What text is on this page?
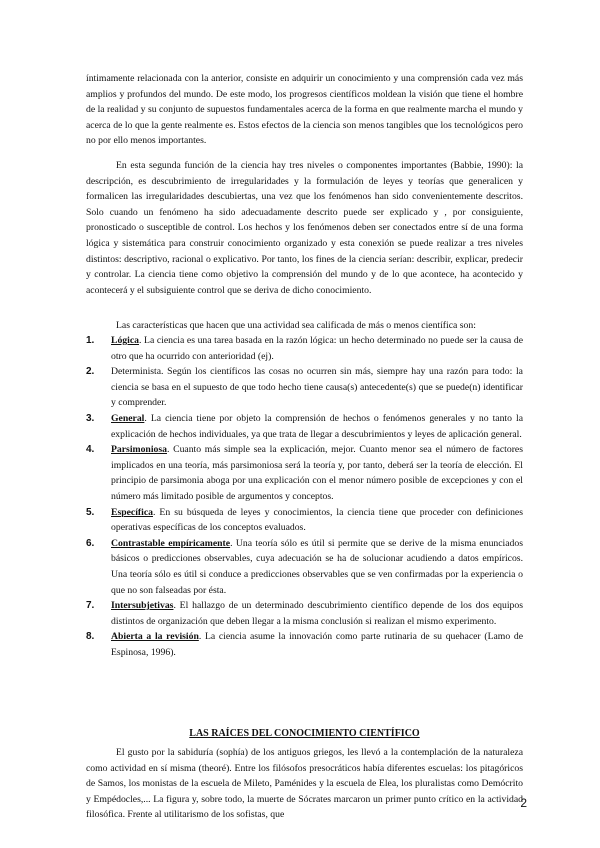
íntimamente relacionada con la anterior, consiste en adquirir un conocimiento y una comprensión cada vez más amplios y profundos del mundo. De este modo, los progresos científicos moldean la visión que tiene el hombre de la realidad y su conjunto de supuestos fundamentales acerca de la forma en que realmente marcha el mundo y acerca de lo que la gente realmente es. Estos efectos de la ciencia son menos tangibles que los tecnológicos pero no por ello menos importantes.

En esta segunda función de la ciencia hay tres niveles o componentes importantes (Babbie, 1990): la descripción, es descubrimiento de irregularidades y la formulación de leyes y teorías que generalicen y formalicen las irregularidades descubiertas, una vez que los fenómenos han sido convenientemente descritos. Solo cuando un fenómeno ha sido adecuadamente descrito puede ser explicado y , por consiguiente, pronosticado o susceptible de control. Los hechos y los fenómenos deben ser conectados entre sí de una forma lógica y sistemática para construir conocimiento organizado y esta conexión se puede realizar a tres niveles distintos: descriptivo, racional o explicativo. Por tanto, los fines de la ciencia serían: describir, explicar, predecir y controlar. La ciencia tiene como objetivo la comprensión del mundo y de lo que acontece, ha acontecido y acontecerá y el subsiguiente control que se deriva de dicho conocimiento.

Las características que hacen que una actividad sea calificada de más o menos científica son:

1.	Lógica. La ciencia es una tarea basada en la razón lógica: un hecho determinado no puede ser la causa de otro que ha ocurrido con anterioridad (ej).
2.	Determinista. Según los científicos las cosas no ocurren sin más, siempre hay una razón para todo: la ciencia se basa en el supuesto de que todo hecho tiene causa(s) antecedente(s) que se puede(n) identificar y comprender.
3.	General. La ciencia tiene por objeto la comprensión de hechos o fenómenos generales y no tanto la explicación de hechos individuales, ya que trata de llegar a descubrimientos y leyes de aplicación general.
4.	Parsimoniosa. Cuanto más simple sea la explicación, mejor. Cuanto menor sea el número de factores implicados en una teoría, más parsimoniosa será la teoría y, por tanto, deberá ser la teoría de elección. El principio de parsimonia aboga por una explicación con el menor número posible de excepciones y con el número más limitado posible de argumentos y conceptos.
5.	Específica. En su búsqueda de leyes y conocimientos, la ciencia tiene que proceder con definiciones operativas específicas de los conceptos evaluados.
6.	Contrastable empíricamente. Una teoría sólo es útil si permite que se derive de la misma enunciados básicos o predicciones observables, cuya adecuación se ha de solucionar acudiendo a datos empíricos. Una teoría sólo es útil si conduce a predicciones observables que se ven confirmadas por la experiencia o que no son falseadas por ésta.
7.	Intersubjetivas. El hallazgo de un determinado descubrimiento científico depende de los dos equipos distintos de organización que deben llegar a la misma conclusión si realizan el mismo experimento.
8.	Abierta a la revisión. La ciencia asume la innovación como parte rutinaria de su quehacer (Lamo de Espinosa, 1996).

LAS RAÍCES DEL CONOCIMIENTO CIENTÍFICO

El gusto por la sabiduría (sophía) de los antiguos griegos, les llevó a la contemplación de la naturaleza como actividad en sí misma (theoré). Entre los filósofos presocráticos había diferentes escuelas: los pitagóricos de Samos, los monistas de la escuela de Mileto, Paménides y la escuela de Elea, los pluralistas como Demócrito y Empédocles,... La figura y, sobre todo, la muerte de Sócrates marcaron un primer punto crítico en la actividad filosófica. Frente al utilitarismo de los sofistas, que

2
